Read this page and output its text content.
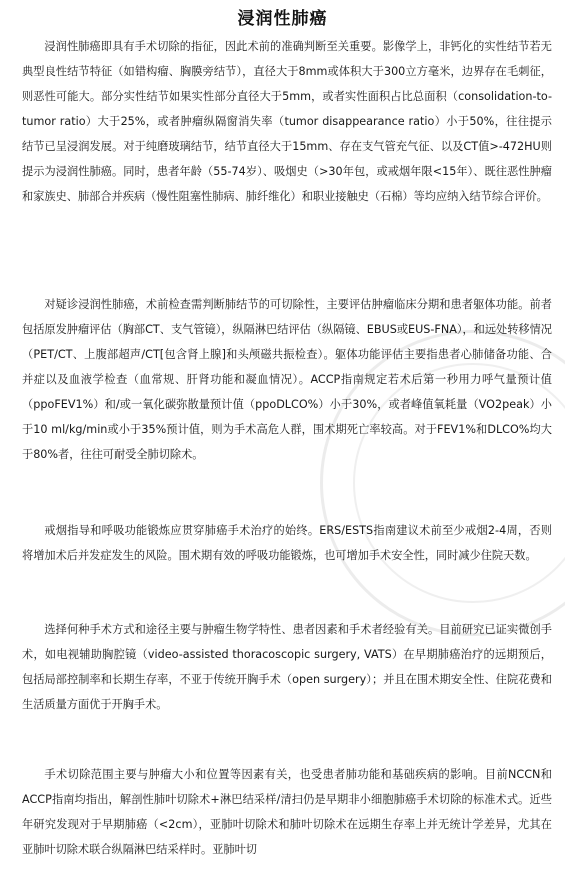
浸润性肺癌

浸润性肺癌即具有手术切除的指征，因此术前的准确判断至关重要。影像学上，非钙化的实性结节若无典型良性结节特征（如错构瘤、胸膜旁结节），直径大于8mm或体积大于300立方毫米，边界存在毛刺征，则恶性可能大。部分实性结节如果实性部分直径大于5mm，或者实性面积占比总面积（consolidation-to-tumor ratio）大于25%，或者肿瘤纵隔窗消失率（tumor disappearance ratio）小于50%，往往提示结节已呈浸润发展。对于纯磨玻璃结节，结节直径大于15mm、存在支气管充气征、以及CT值>-472HU则提示为浸润性肺癌。同时，患者年龄（55-74岁）、吸烟史（>30年包，或戒烟年限<15年）、既往恶性肿瘤和家族史、肺部合并疾病（慢性阻塞性肺病、肺纤维化）和职业接触史（石棉）等均应纳入结节综合评价。

对疑诊浸润性肺癌，术前检查需判断肺结节的可切除性，主要评估肿瘤临床分期和患者躯体功能。前者包括原发肿瘤评估（胸部CT、支气管镜），纵隔淋巴结评估（纵隔镜、EBUS或EUS-FNA），和远处转移情况（PET/CT、上腹部超声/CT[包含肾上腺]和头颅磁共振检查）。躯体功能评估主要指患者心肺储备功能、合并症以及血液学检查（血常规、肝肾功能和凝血情况）。ACCP指南规定若术后第一秒用力呼气量预计值（ppoFEV1%）和/或一氧化碳弥散量预计值（ppoDLCO%）小于30%，或者峰值氧耗量（VO2peak）小于10 ml/kg/min或小于35%预计值，则为手术高危人群，围术期死亡率较高。对于FEV1%和DLCO%均大于80%者，往往可耐受全肺切除术。

戒烟指导和呼吸功能锻炼应贯穿肺癌手术治疗的始终。ERS/ESTS指南建议术前至少戒烟2-4周，否则将增加术后并发症发生的风险。围术期有效的呼吸功能锻炼，也可增加手术安全性，同时减少住院天数。

选择何种手术方式和途径主要与肿瘤生物学特性、患者因素和手术者经验有关。目前研究已证实微创手术，如电视辅助胸腔镜（video-assisted thoracoscopic surgery, VATS）在早期肺癌治疗的远期预后，包括局部控制率和长期生存率，不亚于传统开胸手术（open surgery）；并且在围术期安全性、住院花费和生活质量方面优于开胸手术。

手术切除范围主要与肿瘤大小和位置等因素有关，也受患者肺功能和基础疾病的影响。目前NCCN和ACCP指南均指出，解剖性肺叶切除术+淋巴结采样/清扫仍是早期非小细胞肺癌手术切除的标准术式。近些年研究发现对于早期肺癌（<2cm），亚肺叶切除术和肺叶切除术在远期生存率上并无统计学差异，尤其在亚肺叶切除术联合纵隔淋巴结采样时。亚肺叶切
